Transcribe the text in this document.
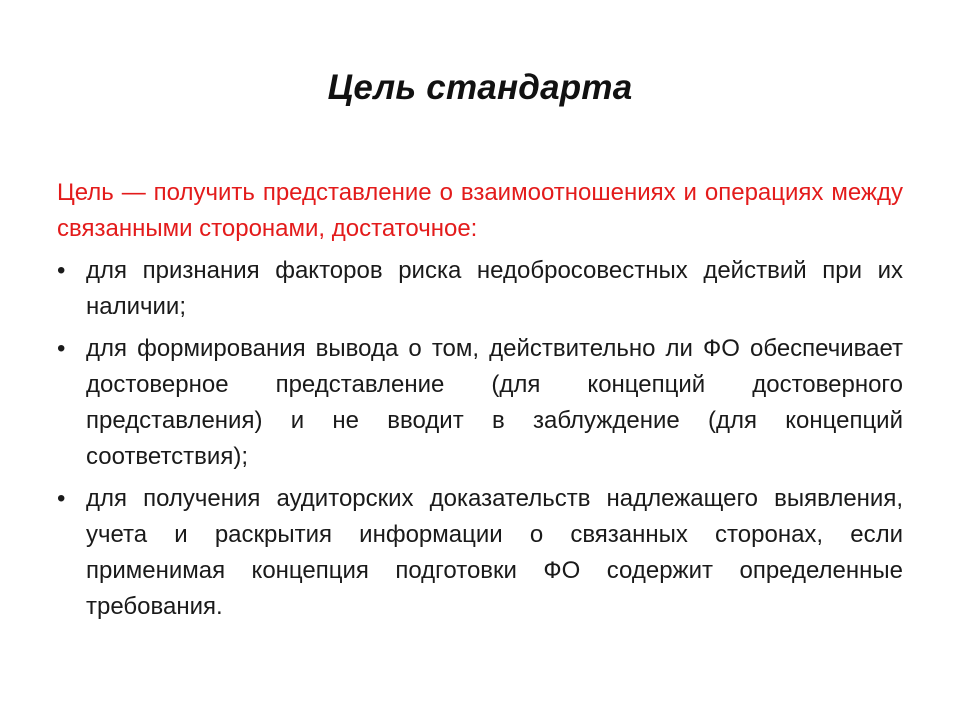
Цель стандарта

Цель — получить представление о взаимоотношениях и операциях между связанными сторонами, достаточное:

• для признания факторов риска недобросовестных действий при их наличии;
• для формирования вывода о том, действительно ли ФО обеспечивает достоверное представление (для концепций достоверного представления) и не вводит в заблуждение (для концепций соответствия);
• для получения аудиторских доказательств надлежащего выявления, учета и раскрытия информации о связанных сторонах, если применимая концепция подготовки ФО содержит определенные требования.
